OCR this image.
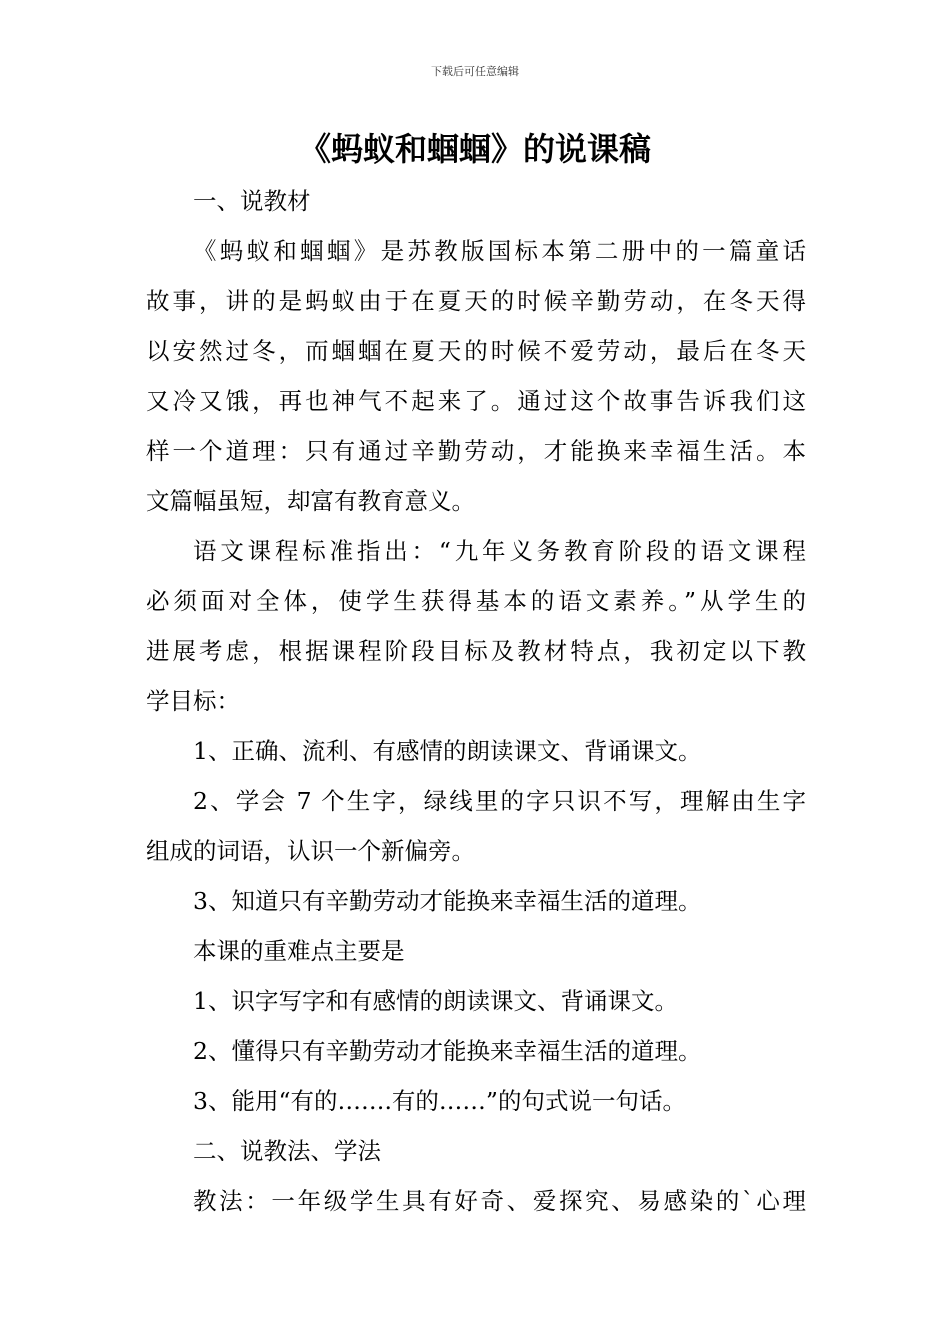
下载后可任意编辑
《蚂蚁和蝈蝈》的说课稿
一、说教材
《蚂蚁和蝈蝈》是苏教版国标本第二册中的一篇童话
故事，讲的是蚂蚁由于在夏天的时候辛勤劳动，在冬天得
以安然过冬，而蝈蝈在夏天的时候不爱劳动，最后在冬天
又冷又饿，再也神气不起来了。通过这个故事告诉我们这
样一个道理：只有通过辛勤劳动，才能换来幸福生活。本
文篇幅虽短，却富有教育意义。
语文课程标准指出：“九年义务教育阶段的语文课程
必须面对全体，使学生获得基本的语文素养。”从学生的
进展考虑，根据课程阶段目标及教材特点，我初定以下教
学目标：
1、正确、流利、有感情的朗读课文、背诵课文。
2、学会 7 个生字，绿线里的字只识不写，理解由生字
组成的词语，认识一个新偏旁。
3、知道只有辛勤劳动才能换来幸福生活的道理。
本课的重难点主要是
1、识字写字和有感情的朗读课文、背诵课文。
2、懂得只有辛勤劳动才能换来幸福生活的道理。
3、能用“有的…….有的……”的句式说一句话。
二、说教法、学法
教法：一年级学生具有好奇、爱探究、易感染的`心理
